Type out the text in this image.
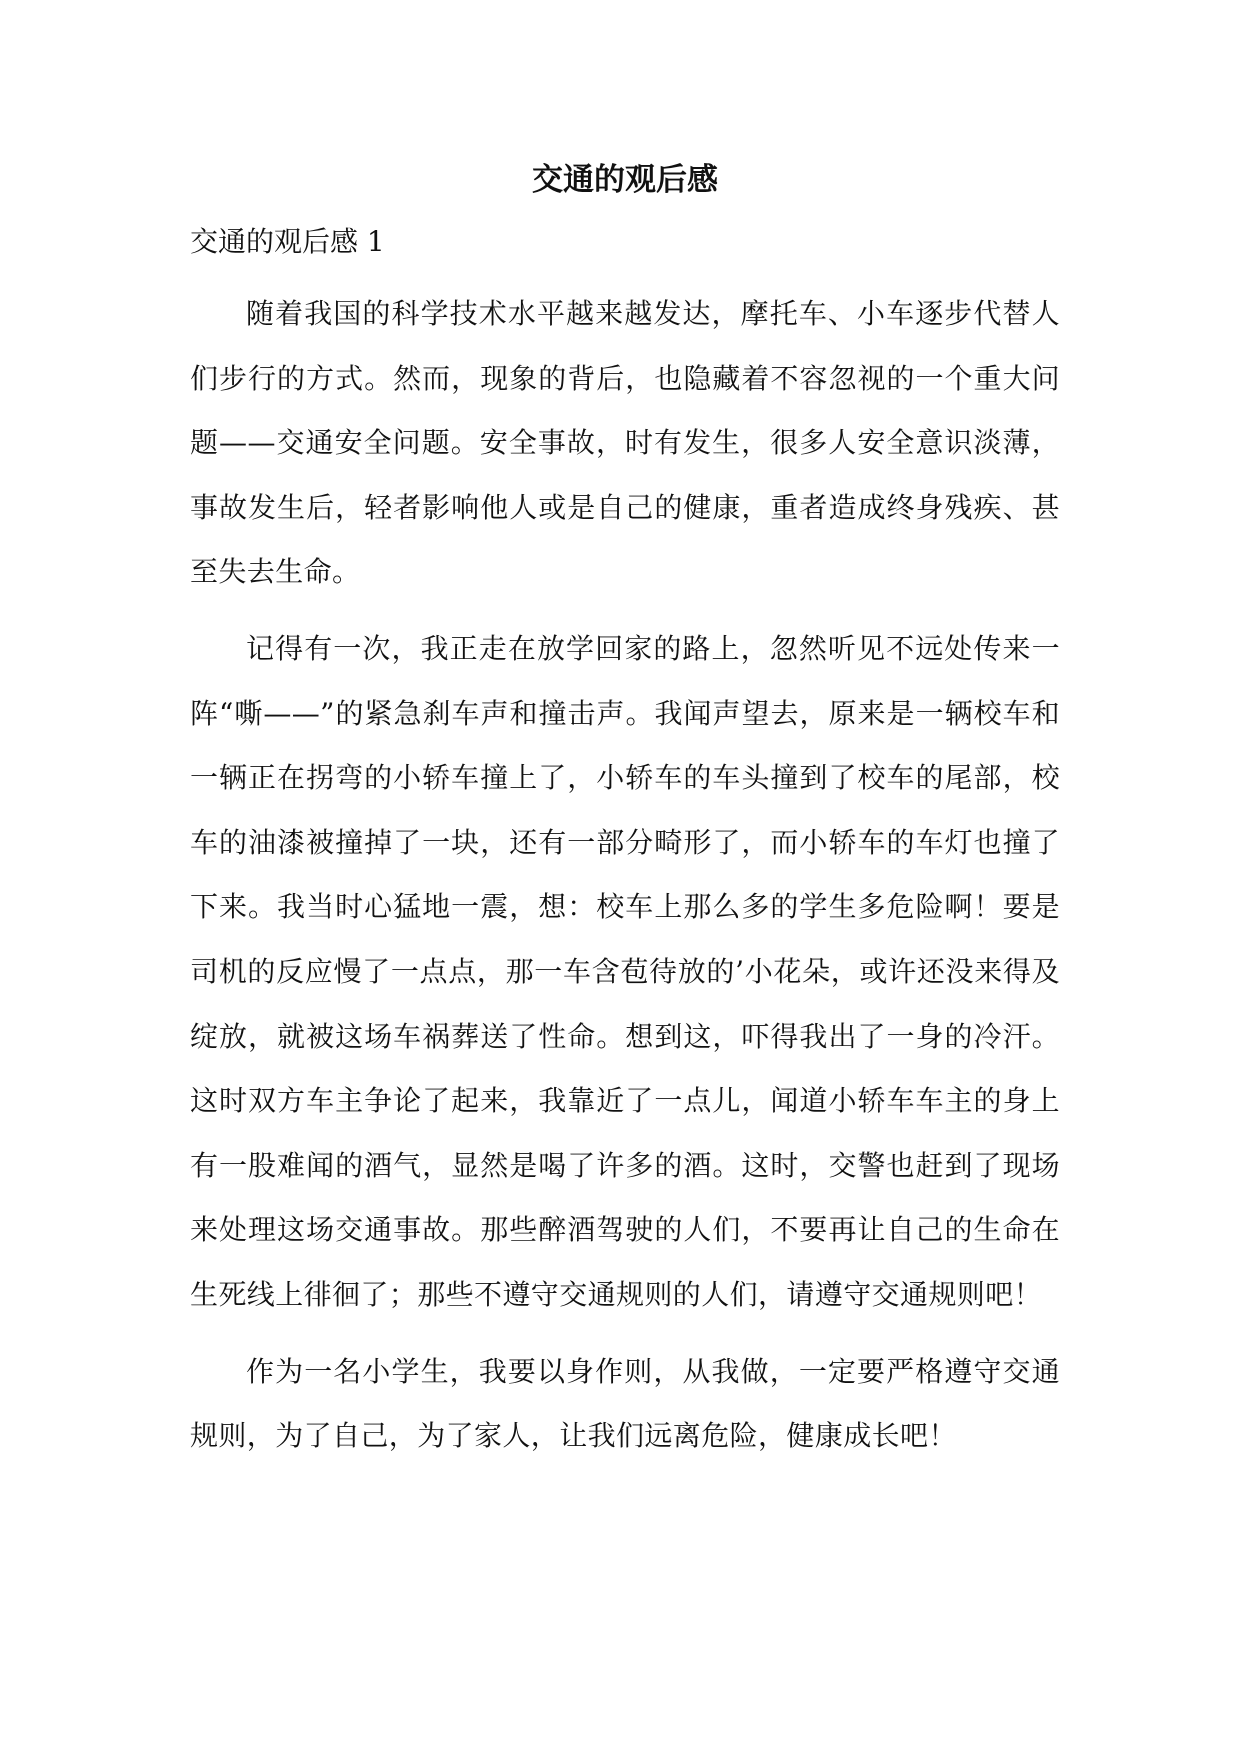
交通的观后感
交通的观后感 1

随着我国的科学技术水平越来越发达，摩托车、小车逐步代替人们步行的方式。然而，现象的背后，也隐藏着不容忽视的一个重大问题——交通安全问题。安全事故，时有发生，很多人安全意识淡薄，事故发生后，轻者影响他人或是自己的健康，重者造成终身残疾、甚至失去生命。

记得有一次，我正走在放学回家的路上，忽然听见不远处传来一阵“嘶——”的紧急刹车声和撞击声。我闻声望去，原来是一辆校车和一辆正在拐弯的小轿车撞上了，小轿车的车头撞到了校车的尾部，校车的油漆被撞掉了一块，还有一部分畸形了，而小轿车的车灯也撞了下来。我当时心猛地一震，想：校车上那么多的学生多危险啊！要是司机的反应慢了一点点，那一车含苞待放的’小花朵，或许还没来得及绽放，就被这场车祸葬送了性命。想到这，吓得我出了一身的冷汗。这时双方车主争论了起来，我靠近了一点儿，闻道小轿车车主的身上有一股难闻的酒气，显然是喝了许多的酒。这时，交警也赶到了现场来处理这场交通事故。那些醉酒驾驶的人们，不要再让自己的生命在生死线上徘徊了；那些不遵守交通规则的人们，请遵守交通规则吧！

作为一名小学生，我要以身作则，从我做，一定要严格遵守交通规则，为了自己，为了家人，让我们远离危险，健康成长吧！
